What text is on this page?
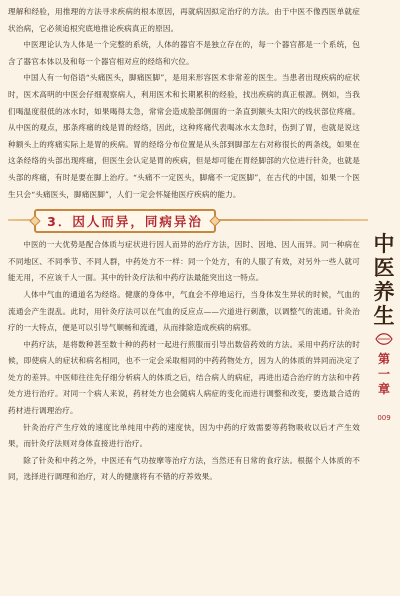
理解和经验，用推理的方法寻求疾病的根本原因，再就病因拟定治疗的方法。由于中医不像西医单就症状治病，它必须追根究底地推论疾病真正的原因。

中医理论认为人体是一个完整的系统，人体的器官不是独立存在的，每一个器官都是一个系统，包含了器官本体以及和每一个器官相对应的经络和穴位。

中国人有一句俗语“头痛医头，脚痛医脚”，是用来形容医术非常差的医生。当患者出现疾病的症状时，医术高明的中医会仔细观察病人，利用医术和长期累积的经验，找出疾病的真正根源。例如，当我们喝温度很低的冰水时，如果喝得太急，常常会造成脸部侧面的一条直到额头太阳穴的线状部位疼痛。从中医的观点，那条疼痛的线是胃的经络，因此，这种疼痛代表喝冰水太急时，伤到了胃，也就是说这种额头上的疼痛实际上是胃的疾病。胃的经络分布位置是从头部到脚部左右对称很长的两条线，如果在这条经络的头部出现疼痛，但医生会认定是胃的疾病，但是却可能在胃经脚部的穴位进行针灸，也就是头部的疼痛，有时是要在脚上治疗。“头痛不一定医头，脚痛不一定医脚”，在古代的中国，如果一个医生只会“头痛医头，脚痛医脚”，人们一定会怀疑他医疗疾病的能力。

3．因人而异，同病异治

中医的一大优势是配合体质与症状进行因人而异的治疗方法，因时、因地、因人而异。同一种病在不同地区、不同季节、不同人群，中药处方不一样：同一个处方，有的人服了有效，对另外一些人就可能无用，不应该千人一面。其中的针灸疗法和中药疗法最能突出这一特点。

人体中气血的通道名为经络。健康的身体中，气血会不停地运行，当身体发生异状的时候，气血的流通会产生混乱。此时，用针灸疗法可以在气血的反应点——穴道进行刺激，以调整气的流通。针灸治疗的一大特点，便是可以引导气顺畅和流通，从而排除造成疾病的病邪。

中药疗法，是将数种甚至数十种的药材一起进行煎服而引导出数倍药效的方法。采用中药疗法的时候，即使病人的症状和病名相同，也不一定会采取相同的中药药物处方，因为人的体质的异同而决定了处方的差异。中医师往往先仔细分析病人的体质之后，结合病人的病症，再进出适合治疗的方法和中药处方进行治疗。对同一个病人来说，药材处方也会随病人病症的变化而进行调整和改变，要选最合适的药材进行调理治疗。

针灸治疗产生疗效的速度比单纯用中药的速度快，因为中药的疗效需要等药物吸收以后才产生效果，而针灸疗法则对身体直接进行治疗。

除了针灸和中药之外，中医还有气功按摩等治疗方法，当然还有日常的食疗法。根据个人体质的不同，选择进行调理和治疗，对人的健康将有不错的疗养效果。

中
医
养
生
第
一
章
009
